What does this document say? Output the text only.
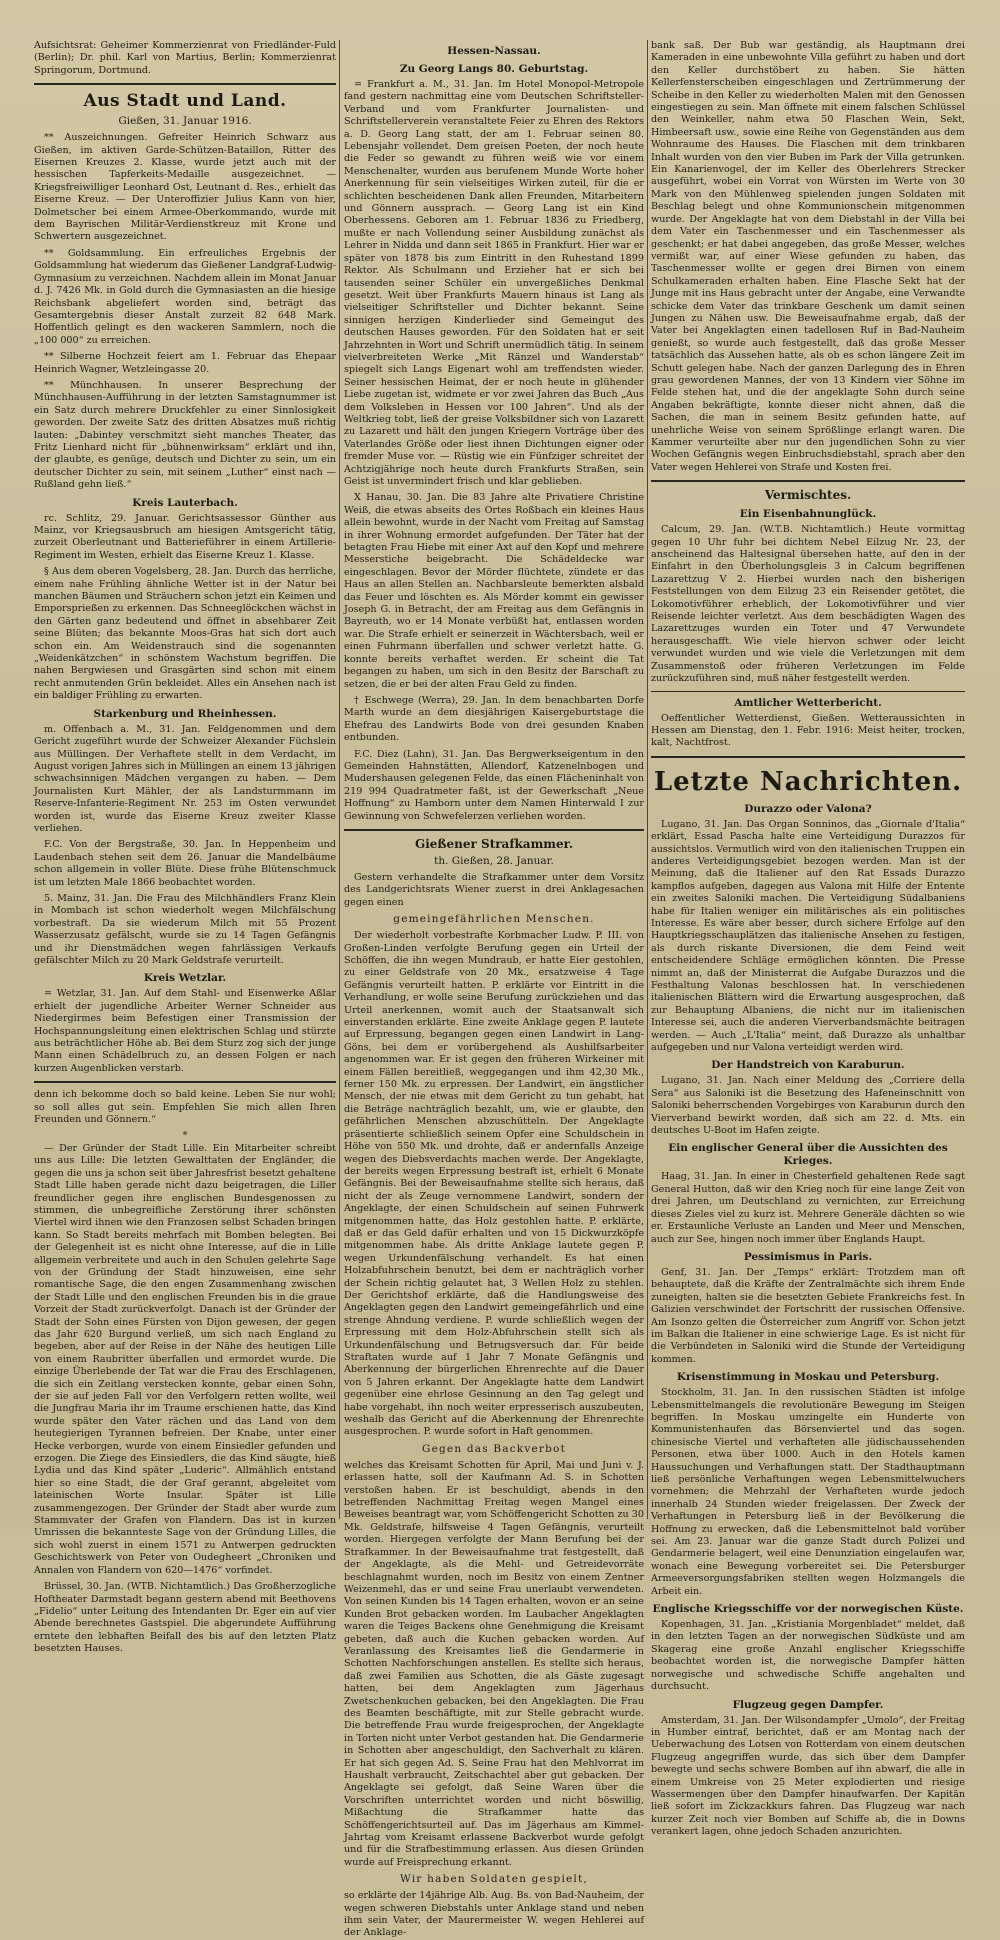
Aufsichtsrat: Geheimer Kommerzienrat von Friedländer-Fuld (Berlin); Dr. phil. Karl von Martius, Berlin; Kommerzienrat Springorum, Dortmund.

Aus Stadt und Land.
Gießen, 31. Januar 1916.

** Auszeichnungen. Gefreiter Heinrich Schwarz aus Gießen, im aktiven Garde-Schützen-Bataillon, Ritter des Eisernen Kreuzes 2. Klasse, wurde jetzt auch mit der hessischen Tapferkeits-Medaille ausgezeichnet. — Kriegsfreiwilliger Leonhard Ost, Leutnant d. Res., erhielt das Eiserne Kreuz. — Der Unteroffizier Julius Kann von hier, Dolmetscher bei einem Armee-Oberkommando, wurde mit dem Bayrischen Militär-Verdienstkreuz mit Krone und Schwertern ausgezeichnet.

** Goldsammlung. Ein erfreuliches Ergebnis der Goldsammlung hat wiederum das Gießener Landgraf-Ludwig-Gymnasium zu verzeichnen. Nachdem allein im Monat Januar d. J. 7426 Mk. in Gold durch die Gymnasiasten an die hiesige Reichsbank abgeliefert worden sind, beträgt das Gesamtergebnis dieser Anstalt zurzeit 82 648 Mark. Hoffentlich gelingt es den wackeren Sammlern, noch die „100 000“ zu erreichen.

** Silberne Hochzeit feiert am 1. Februar das Ehepaar Heinrich Wagner, Wetzleingasse 20.

** Münchhausen. In unserer Besprechung der Münchhausen-Aufführung in der letzten Samstagnummer ist ein Satz durch mehrere Druckfehler zu einer Sinnlosigkeit geworden. Der zweite Satz des dritten Absatzes muß richtig lauten: „Dabintey verschmitzt sieht manches Theater, das Fritz Lienhard nicht für „bühnenwirksam“ erklärt und ihn, der glaubte, es genüge, deutsch und Dichter zu sein, um ein deutscher Dichter zu sein, mit seinem „Luther“ einst nach — Rußland gehn ließ.“

Kreis Lauterbach.

rc. Schlitz, 29. Januar. Gerichtsassessor Günther aus Mainz, vor Kriegsausbruch am hiesigen Amtsgericht tätig, zurzeit Oberleutnant und Batterieführer in einem Artillerie-Regiment im Westen, erhielt das Eiserne Kreuz 1. Klasse.

§ Aus dem oberen Vogelsberg, 28. Jan. Durch das herrliche, einem nahe Frühling ähnliche Wetter ist in der Natur bei manchen Bäumen und Sträuchern schon jetzt ein Keimen und Emporsprießen zu erkennen. Das Schneeglöckchen wächst in den Gärten ganz bedeutend und öffnet in absehbarer Zeit seine Blüten; das bekannte Moos-Gras hat sich dort auch schon ein. Am Weidenstrauch sind die sogenannten „Weidenkätzchen“ in schönstem Wachstum begriffen. Die nahen Bergwiesen und Grasgärten sind schon mit einem recht anmutenden Grün bekleidet. Alles ein Ansehen nach ist ein baldiger Frühling zu erwarten.

Starkenburg und Rheinhessen.

m. Offenbach a. M., 31. Jan. Feldgenommen und dem Gericht zugeführt wurde der Schweizer Alexander Füchslein aus Müllingen. Der Verhaftete stellt in dem Verdacht, im August vorigen Jahres sich in Müllingen an einem 13 jährigen schwachsinnigen Mädchen vergangen zu haben. — Dem Journalisten Kurt Mähler, der als Landsturmmann im Reserve-Infanterie-Regiment Nr. 253 im Osten verwundet worden ist, wurde das Eiserne Kreuz zweiter Klasse verliehen.

F.C. Von der Bergstraße, 30. Jan. In Heppenheim und Laudenbach stehen seit dem 26. Januar die Mandelbäume schon allgemein in voller Blüte. Diese frühe Blütenschmuck ist um letzten Male 1866 beobachtet worden.

5. Mainz, 31. Jan. Die Frau des Milchhändlers Franz Klein in Mombach ist schon wiederholt wegen Milchfälschung vorbestraft. Da sie wiederum Milch mit 55 Prozent Wasserzusatz gefälscht, wurde sie zu 14 Tagen Gefängnis und ihr Dienstmädchen wegen fahrlässigen Verkaufs gefälschter Milch zu 20 Mark Geldstrafe verurteilt.

Kreis Wetzlar.

= Wetzlar, 31. Jan. Auf dem Stahl- und Eisenwerke Aßlar erhielt der jugendliche Arbeiter Werner Schneider aus Niedergirmes beim Befestigen einer Transmission der Hochspannungsleitung einen elektrischen Schlag und stürzte aus beträchtlicher Höhe ab. Bei dem Sturz zog sich der junge Mann einen Schädelbruch zu, an dessen Folgen er nach kurzen Augenblicken verstarb.

denn ich bekomme doch so bald keine. Leben Sie nur wohl; so soll alles gut sein. Empfehlen Sie mich allen Ihren Freunden und Gönnern.“

*

— Der Gründer der Stadt Lille. Ein Mitarbeiter schreibt uns aus Lille: Die letzten Gewalttaten der Engländer, die gegen die uns ja schon seit über Jahresfrist besetzt gehaltene Stadt Lille haben gerade nicht dazu beigetragen, die Liller freundlicher gegen ihre englischen Bundesgenossen zu stimmen, die unbegreifliche Zerstörung ihrer schönsten Viertel wird ihnen wie den Franzosen selbst Schaden bringen kann. So Stadt bereits mehrfach mit Bomben belegten. Bei der Gelegenheit ist es nicht ohne Interesse, auf die in Lille allgemein verbreitete und auch in den Schulen gelehrte Sage von der Gründung der Stadt hinzuweisen, eine sehr romantische Sage, die den engen Zusammenhang zwischen der Stadt Lille und den englischen Freunden bis in die graue Vorzeit der Stadt zurückverfolgt. Danach ist der Gründer der Stadt der Sohn eines Fürsten von Dijon gewesen, der gegen das Jahr 620 Burgund verließ, um sich nach England zu begeben, aber auf der Reise in der Nähe des heutigen Lille von einem Raubritter überfallen und ermordet wurde. Die einzige Überlebende der Tat war die Frau des Erschlagenen, die sich ein Zeitlang verstecken konnte, gebar einen Sohn, der sie auf jeden Fall vor den Verfolgern retten wollte, weil die Jungfrau Maria ihr im Traume erschienen hatte, das Kind wurde später den Vater rächen und das Land von dem heutegierigen Tyrannen befreien. Der Knabe, unter einer Hecke verborgen, wurde von einem Einsiedler gefunden und erzogen. Die Ziege des Einsiedlers, die das Kind säugte, hieß Lydia und das Kind später „Luderic“. Allmählich entstand hier so eine Stadt, die der Graf gerannt, abgeleitet vom lateinischen Worte Insular. Später ist Lille zusammengezogen. Der Gründer der Stadt aber wurde zum Stammvater der Grafen von Flandern. Das ist in kurzen Umrissen die bekannteste Sage von der Gründung Lilles, die sich wohl zuerst in einem 1571 zu Antwerpen gedruckten Geschichtswerk von Peter von Oudegheert „Chroniken und Annalen von Flandern von 620—1476“ vorfindet.

Brüssel, 30. Jan. (WTB. Nichtamtlich.) Das Großherzogliche Hoftheater Darmstadt begann gestern abend mit Beethovens „Fidelio“ unter Leitung des Intendanten Dr. Eger ein auf vier Abende berechnetes Gastspiel. Die abgerundete Aufführung erntete den lebhaften Beifall des bis auf den letzten Platz besetzten Hauses.

Hessen-Nassau.
Zu Georg Langs 80. Geburtstag.

= Frankfurt a. M., 31. Jan. Im Hotel Monopol-Metropole fand gestern nachmittag eine vom Deutschen Schriftsteller-Verband und vom Frankfurter Journalisten- und Schriftstellerverein veranstaltete Feier zu Ehren des Rektors a. D. Georg Lang statt, der am 1. Februar seinen 80. Lebensjahr vollendet. Dem greisen Poeten, der noch heute die Feder so gewandt zu führen weiß wie vor einem Menschenalter, wurden aus berufenem Munde Worte hoher Anerkennung für sein vielseitiges Wirken zuteil, für die er schlichten bescheidenen Dank allen Freunden, Mitarbeitern und Gönnern aussprach. — Georg Lang ist ein Kind Oberhessens. Geboren am 1. Februar 1836 zu Friedberg, mußte er nach Vollendung seiner Ausbildung zunächst als Lehrer in Nidda und dann seit 1865 in Frankfurt. Hier war er später von 1878 bis zum Eintritt in den Ruhestand 1899 Rektor. Als Schulmann und Erzieher hat er sich bei tausenden seiner Schüler ein unvergeßliches Denkmal gesetzt. Weit über Frankfurts Mauern hinaus ist Lang als vielseitiger Schriftsteller und Dichter bekannt. Seine sinnigen herzigen Kinderlieder sind Gemeingut des deutschen Hauses geworden. Für den Soldaten hat er seit Jahrzehnten in Wort und Schrift unermüdlich tätig. In seinem vielverbreiteten Werke „Mit Ränzel und Wanderstab“ spiegelt sich Langs Eigenart wohl am treffendsten wieder. Seiner hessischen Heimat, der er noch heute in glühender Liebe zugetan ist, widmete er vor zwei Jahren das Buch „Aus dem Volksleben in Hessen vor 100 Jahren“. Und als der Weltkrieg tobt, ließ der greise Volksbildner sich von Lazarett zu Lazarett und hält den jungen Kriegern Vorträge über des Vaterlandes Größe oder liest ihnen Dichtungen eigner oder fremder Muse vor. — Rüstig wie ein Fünfziger schreitet der Achtzigjährige noch heute durch Frankfurts Straßen, sein Geist ist unvermindert frisch und klar geblieben.

X Hanau, 30. Jan. Die 83 Jahre alte Privatiere Christine Weiß, die etwas abseits des Ortes Roßbach ein kleines Haus allein bewohnt, wurde in der Nacht vom Freitag auf Samstag in ihrer Wohnung ermordet aufgefunden. Der Täter hat der betagten Frau Hiebe mit einer Axt auf den Kopf und mehrere Messerstiche beigebracht. Die Schädeldecke war eingeschlagen. Bevor der Mörder flüchtete, zündete er das Haus an allen Stellen an. Nachbarsleute bemerkten alsbald das Feuer und löschten es. Als Mörder kommt ein gewisser Joseph G. in Betracht, der am Freitag aus dem Gefängnis in Bayreuth, wo er 14 Monate verbüßt hat, entlassen worden war. Die Strafe erhielt er seinerzeit in Wächtersbach, weil er einen Fuhrmann überfallen und schwer verletzt hatte. G. konnte bereits verhaftet werden. Er scheint die Tat begangen zu haben, um sich in den Besitz der Barschaft zu setzen, die er bei der alten Frau Geld zu finden.

† Eschwege (Werra), 29. Jan. In dem benachbarten Dorfe Marth wurde an dem diesjährigen Kaisergeburtstage die Ehefrau des Landwirts Bode von drei gesunden Knaben entbunden.

F.C. Diez (Lahn), 31. Jan. Das Bergwerkseigentum in den Gemeinden Hahnstätten, Allendorf, Katzenelnbogen und Mudershausen gelegenen Felde, das einen Flächeninhalt von 219 994 Quadratmeter faßt, ist der Gewerkschaft „Neue Hoffnung“ zu Hamborn unter dem Namen Hinterwald I zur Gewinnung von Schwefelerzen verliehen worden.

Gießener Strafkammer.
th. Gießen, 28. Januar.

Gestern verhandelte die Strafkammer unter dem Vorsitz des Landgerichtsrats Wiener zuerst in drei Anklagesachen gegen einen

gemeingefährlichen Menschen.

Der wiederholt vorbestrafte Korbmacher Ludw. P. III. von Großen-Linden verfolgte Berufung gegen ein Urteil der Schöffen, die ihn wegen Mundraub, er hatte Eier gestohlen, zu einer Geldstrafe von 20 Mk., ersatzweise 4 Tage Gefängnis verurteilt hatten. P. erklärte vor Eintritt in die Verhandlung, er wolle seine Berufung zurückziehen und das Urteil anerkennen, womit auch der Staatsanwalt sich einverstanden erklärte. Eine zweite Anklage gegen P. lautete auf Erpressung, begangen gegen einen Landwirt in Lang-Göns, bei dem er vorübergehend als Aushilfsarbeiter angenommen war. Er ist gegen den früheren Wirkeiner mit einem Fällen bereitließ, weggegangen und ihm 42,30 Mk., ferner 150 Mk. zu erpressen. Der Landwirt, ein ängstlicher Mensch, der nie etwas mit dem Gericht zu tun gehabt, hat die Beträge nachträglich bezahlt, um, wie er glaubte, den gefährlichen Menschen abzuschütteln. Der Angeklagte präsentierte schließlich seinem Opfer eine Schuldschein in Höhe von 550 Mk. und drohte, daß er andernfalls Anzeige wegen des Diebsverdachts machen werde. Der Angeklagte, der bereits wegen Erpressung bestraft ist, erhielt 6 Monate Gefängnis. Bei der Beweisaufnahme stellte sich heraus, daß nicht der als Zeuge vernommene Landwirt, sondern der Angeklagte, der einen Schuldschein auf seinen Fuhrwerk mitgenommen hatte, das Holz gestohlen hatte. P. erklärte, daß er das Geld dafür erhalten und von 15 Dickwurzköpfe mitgenommen habe. Als dritte Anklage lautete gegen P. wegen Urkundenfälschung verhandelt. Es hat einen Holzabfuhrschein benutzt, bei dem er nachträglich vorher der Schein richtig gelautet hat, 3 Wellen Holz zu stehlen. Der Gerichtshof erklärte, daß die Handlungsweise des Angeklagten gegen den Landwirt gemeingefährlich und eine strenge Ahndung verdiene. P. wurde schließlich wegen der Erpressung mit dem Holz-Abfuhrschein stellt sich als Urkundenfälschung und Betrugsversuch dar. Für beide Straftaten wurde auf 1 Jahr 7 Monate Gefängnis und Aberkennung der bürgerlichen Ehrenrechte auf die Dauer von 5 Jahren erkannt. Der Angeklagte hatte dem Landwirt gegenüber eine ehrlose Gesinnung an den Tag gelegt und habe vorgehabt, ihn noch weiter erpresserisch auszubeuten, weshalb das Gericht auf die Aberkennung der Ehrenrechte ausgesprochen. P. wurde sofort in Haft genommen.

Gegen das Backverbot

welches das Kreisamt Schotten für April, Mai und Juni v. J. erlassen hatte, soll der Kaufmann Ad. S. in Schotten verstoßen haben. Er ist beschuldigt, abends in den betreffenden Nachmittag Freitag wegen Mangel eines Beweises beantragt war, vom Schöffengericht Schotten zu 30 Mk. Geldstrafe, hilfsweise 4 Tagen Gefängnis, verurteilt worden. Hiergegen verfolgte der Mann Berufung bei der Strafkammer. In der Beweisaufnahme trat festgestellt, daß der Angeklagte, als die Mehl- und Getreidevorräte beschlagnahmt wurden, noch im Besitz von einem Zentner Weizenmehl, das er und seine Frau unerlaubt verwendeten. Von seinen Kunden bis 14 Tagen erhalten, wovon er an seine Kunden Brot gebacken worden. Im Laubacher Angeklagten waren die Teiges Backens ohne Genehmigung die Kreisamt gebeten, daß auch die Kuchen gebacken worden. Auf Veranlassung des Kreisamtes ließ die Gendarmerie in Schotten Nachforschungen anstellen. Es stellte sich heraus, daß zwei Familien aus Schotten, die als Gäste zugesagt hatten, bei dem Angeklagten zum Jägerhaus Zwetschenkuchen gebacken, bei den Angeklagten. Die Frau des Beamten beschäftigte, mit zur Stelle gebracht wurde. Die betreffende Frau wurde freigesprochen, der Angeklagte in Torten nicht unter Verbot gestanden hat. Die Gendarmerie in Schotten aber angeschuldigt, den Sachverhalt zu klären. Er hat sich gegen Ad. S. Seine Frau hat den Mehlvorrat im Haushalt verbraucht, Zeitschachtel aber gut gebacken. Der Angeklagte sei gefolgt, daß Seine Waren über die Vorschriften unterrichtet worden und nicht böswillig, Mißachtung die Strafkammer hatte das Schöffengerichtsurteil auf. Das im Jägerhaus am Kimmel-Jahrtag vom Kreisamt erlassene Backverbot wurde gefolgt und für die Strafbestimmung erlassen. Aus diesen Gründen wurde auf Freisprechung erkannt.

Wir haben Soldaten gespielt,

so erklärte der 14jährige Alb. Aug. Bs. von Bad-Nauheim, der wegen schweren Diebstahls unter Anklage stand und neben ihm sein Vater, der Maurermeister W. wegen Hehlerei auf der Anklage-

bank saß. Der Bub war geständig, als Hauptmann drei Kameraden in eine unbewohnte Villa geführt zu haben und dort den Keller durchstöbert zu haben. Sie hätten Kellerfensterscheiben eingeschlagen und Zertrümmerung der Scheibe in den Keller zu wiederholten Malen mit den Genossen eingestiegen zu sein. Man öffnete mit einem falschen Schlüssel den Weinkeller, nahm etwa 50 Flaschen Wein, Sekt, Himbeersaft usw., sowie eine Reihe von Gegenständen aus dem Wohnraume des Hauses. Die Flaschen mit dem trinkbaren Inhalt wurden von den vier Buben im Park der Villa getrunken. Ein Kanarienvogel, der im Keller des Oberlehrers Strecker ausgeführt, wobei ein Vorrat von Würsten im Werte von 30 Mark von den Mühlenweg spielenden jungen Soldaten mit Beschlag belegt und ohne Kommunionschein mitgenommen wurde. Der Angeklagte hat von dem Diebstahl in der Villa bei dem Vater ein Taschenmesser und ein Taschenmesser als geschenkt; er hat dabei angegeben, das große Messer, welches vermißt war, auf einer Wiese gefunden zu haben, das Taschenmesser wollte er gegen drei Birnen von einem Schulkameraden erhalten haben. Eine Flasche Sekt hat der Junge mit ins Haus gebracht unter der Angabe, eine Verwandte schicke dem Vater das trinkbare Geschenk um damit seinen Jungen zu Nähen usw. Die Beweisaufnahme ergab, daß der Vater bei Angeklagten einen tadellosen Ruf in Bad-Nauheim genießt, so wurde auch festgestellt, daß das große Messer tatsächlich das Aussehen hatte, als ob es schon längere Zeit im Schutt gelegen habe. Nach der ganzen Darlegung des in Ehren grau gewordenen Mannes, der von 13 Kindern vier Söhne im Felde stehen hat, und die der angeklagte Sohn durch seine Angaben bekräftigte, konnte dieser nicht ahnen, daß die Sachen, die man in seinem Besitz gefunden hatte, auf unehrliche Weise von seinem Sprößlinge erlangt waren. Die Kammer verurteilte aber nur den jugendlichen Sohn zu vier Wochen Gefängnis wegen Einbruchsdiebstahl, sprach aber den Vater wegen Hehlerei von Strafe und Kosten frei.

Vermischtes.
Ein Eisenbahnunglück.

Calcum, 29. Jan. (W.T.B. Nichtamtlich.) Heute vormittag gegen 10 Uhr fuhr bei dichtem Nebel Eilzug Nr. 23, der anscheinend das Haltesignal übersehen hatte, auf den in der Einfahrt in den Überholungsgleis 3 in Calcum begriffenen Lazarettzug V 2. Hierbei wurden nach den bisherigen Feststellungen von dem Eilzug 23 ein Reisender getötet, die Lokomotivführer erheblich, der Lokomotivführer und vier Reisende leichter verletzt. Aus dem beschädigten Wagen des Lazarettzuges wurden ein Toter und 47 Verwundete herausgeschafft. Wie viele hiervon schwer oder leicht verwundet wurden und wie viele die Verletzungen mit dem Zusammenstoß oder früheren Verletzungen im Felde zurückzuführen sind, muß näher festgestellt werden.

Amtlicher Wetterbericht.

Oeffentlicher Wetterdienst, Gießen. Wetteraussichten in Hessen am Dienstag, den 1. Febr. 1916: Meist heiter, trocken, kalt, Nachtfrost.

Letzte Nachrichten.
Durazzo oder Valona?

Lugano, 31. Jan. Das Organ Sonninos, das „Giornale d'Italia“ erklärt, Essad Pascha halte eine Verteidigung Durazzos für aussichtslos. Vermutlich wird von den italienischen Truppen ein anderes Verteidigungsgebiet bezogen werden. Man ist der Meinung, daß die Italiener auf den Rat Essads Durazzo kampflos aufgeben, dagegen aus Valona mit Hilfe der Entente ein zweites Saloniki machen. Die Verteidigung Südalbaniens habe für Italien weniger ein militärisches als ein politisches Interesse. Es wäre aber besser, durch sichere Erfolge auf den Hauptkriegsschauplätzen das italienische Ansehen zu festigen, als durch riskante Diversionen, die dem Feind weit entscheidendere Schläge ermöglichen könnten. Die Presse nimmt an, daß der Ministerrat die Aufgabe Durazzos und die Festhaltung Valonas beschlossen hat. In verschiedenen italienischen Blättern wird die Erwartung ausgesprochen, daß zur Behauptung Albaniens, die nicht nur im italienischen Interesse sei, auch die anderen Vierverbandsmächte beitragen werden. — Auch „L'Italia“ meint, daß Durazzo als unhaltbar aufgegeben und nur Valona verteidigt werden wird.

Der Handstreich von Karaburun.

Lugano, 31. Jan. Nach einer Meldung des „Corriere della Sera“ aus Saloniki ist die Besetzung des Hafeneinschnitt von Saloniki beherrschenden Vorgebirges von Karaburun durch den Vierverband bewirkt worden, daß sich am 22. d. Mts. ein deutsches U-Boot im Hafen zeigte.

Ein englischer General über die Aussichten des Krieges.

Haag, 31. Jan. In einer in Chesterfield gehaltenen Rede sagt General Hutton, daß wir den Krieg noch für eine lange Zeit von drei Jahren, um Deutschland zu vernichten, zur Erreichung dieses Zieles viel zu kurz ist. Mehrere Generäle dächten so wie er. Erstaunliche Verluste an Landen und Meer und Menschen, auch zur See, hingen noch immer über Englands Haupt.

Pessimismus in Paris.

Genf, 31. Jan. Der „Temps“ erklärt: Trotzdem man oft behauptete, daß die Kräfte der Zentralmächte sich ihrem Ende zuneigten, halten sie die besetzten Gebiete Frankreichs fest. In Galizien verschwindet der Fortschritt der russischen Offensive. Am Isonzo gelten die Österreicher zum Angriff vor. Schon jetzt im Balkan die Italiener in eine schwierige Lage. Es ist nicht für die Verbündeten in Saloniki wird die Stunde der Verteidigung kommen.

Krisenstimmung in Moskau und Petersburg.

Stockholm, 31. Jan. In den russischen Städten ist infolge Lebensmittelmangels die revolutionäre Bewegung im Steigen begriffen. In Moskau umzingelte ein Hunderte von Kommunistenhaufen das Börsenviertel und das sogen. chinesische Viertel und verhafteten alle jüdischaussehenden Personen, etwa über 1000. Auch in den Hotels kamen Haussuchungen und Verhaftungen statt. Der Stadthauptmann ließ persönliche Verhaftungen wegen Lebensmittelwuchers vornehmen; die Mehrzahl der Verhafteten wurde jedoch innerhalb 24 Stunden wieder freigelassen. Der Zweck der Verhaftungen in Petersburg ließ in der Bevölkerung die Hoffnung zu erwecken, daß die Lebensmittelnot bald vorüber sei. Am 23. Januar war die ganze Stadt durch Polizei und Gendarmerie belagert, weil eine Denunziation eingelaufen war, wonach eine Bewegung vorbereitet sei. Die Petersburger Armeeversorgungsfabriken stellten wegen Holzmangels die Arbeit ein.

Englische Kriegsschiffe vor der norwegischen Küste.

Kopenhagen, 31. Jan. „Kristiania Morgenbladet“ meldet, daß in den letzten Tagen an der norwegischen Südküste und am Skagerag eine große Anzahl englischer Kriegsschiffe beobachtet worden ist, die norwegische Dampfer hätten norwegische und schwedische Schiffe angehalten und durchsucht.

Flugzeug gegen Dampfer.

Amsterdam, 31. Jan. Der Wilsondampfer „Umolo“, der Freitag in Humber eintraf, berichtet, daß er am Montag nach der Ueberwachung des Lotsen von Rotterdam von einem deutschen Flugzeug angegriffen wurde, das sich über dem Dampfer bewegte und sechs schwere Bomben auf ihn abwarf, die alle in einem Umkreise von 25 Meter explodierten und riesige Wassermengen über den Dampfer hinaufwarfen. Der Kapitän ließ sofort im Zickzackkurs fahren. Das Flugzeug war nach kurzer Zeit noch vier Bomben auf Schiffe ab, die in Downs verankert lagen, ohne jedoch Schaden anzurichten.
